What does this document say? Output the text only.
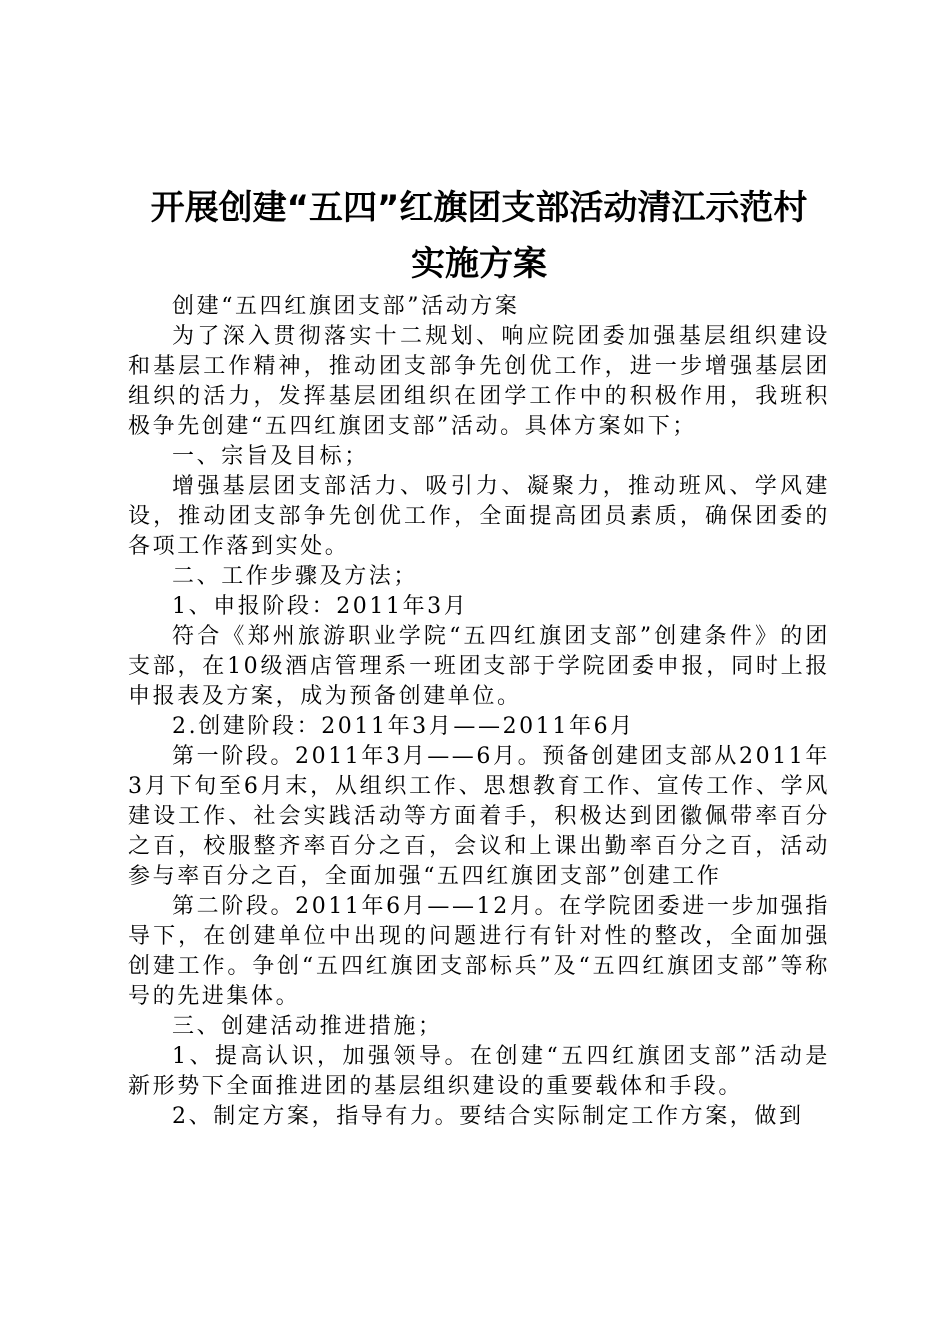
开展创建“五四”红旗团支部活动清江示范村
实施方案

创建“五四红旗团支部”活动方案

为了深入贯彻落实十二规划、响应院团委加强基层组织建设和基层工作精神，推动团支部争先创优工作，进一步增强基层团组织的活力，发挥基层团组织在团学工作中的积极作用，我班积极争先创建“五四红旗团支部”活动。具体方案如下；

一、宗旨及目标；

增强基层团支部活力、吸引力、凝聚力，推动班风、学风建设，推动团支部争先创优工作，全面提高团员素质，确保团委的各项工作落到实处。

二、工作步骤及方法；

1、申报阶段：2011年3月

符合《郑州旅游职业学院“五四红旗团支部”创建条件》的团支部，在10级酒店管理系一班团支部于学院团委申报，同时上报申报表及方案，成为预备创建单位。

2.创建阶段：2011年3月——2011年6月

第一阶段。2011年3月——6月。预备创建团支部从2011年3月下旬至6月末，从组织工作、思想教育工作、宣传工作、学风建设工作、社会实践活动等方面着手，积极达到团徽佩带率百分之百，校服整齐率百分之百，会议和上课出勤率百分之百，活动参与率百分之百，全面加强“五四红旗团支部”创建工作

第二阶段。2011年6月——12月。在学院团委进一步加强指导下，在创建单位中出现的问题进行有针对性的整改，全面加强创建工作。争创“五四红旗团支部标兵”及“五四红旗团支部”等称号的先进集体。

三、创建活动推进措施；

1、提高认识，加强领导。在创建“五四红旗团支部”活动是新形势下全面推进团的基层组织建设的重要载体和手段。

2、制定方案，指导有力。要结合实际制定工作方案，做到
